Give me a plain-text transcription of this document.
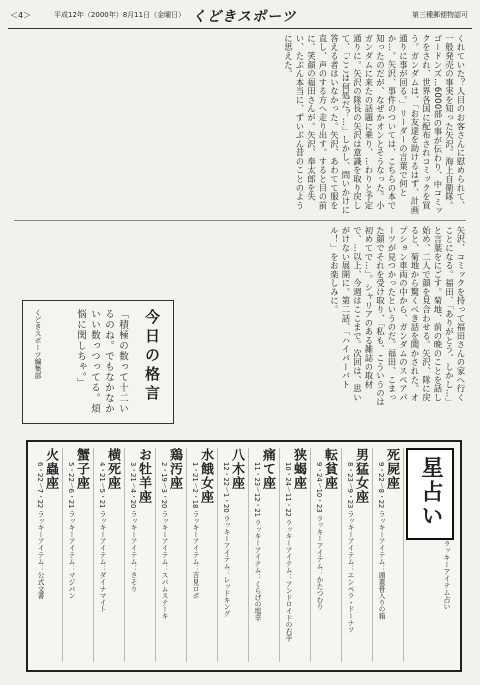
＜4＞	平成12年（2000年）8月11日（金曜日） くどきスポーツ	第三種郵便物認可
くれていた？人目のお客さんに慰められて、一般発売の事実を知った矢沢。海上自衛隊。ゴードンズ…6000部の事が伝わり、中コミックをされ、世界各国に配布されコミックを買う。ガンダムは、「お友達を助けるはず、計画通りに事が回る。」リーダーの言葉で何とか…。矢沢、事件のついては、こちらの本で知ったのだが、なぜかオンとそうなった。小ガンダムに来たの話題に乗り、…わりと予定通りに。矢沢の隊長の矢沢は意識を取り戻して、「ここは何処だ？…」しかし、問いかけに答える者はいなかった。矢沢、あわてて服を直し、声のする方へ走り出す。すると目の前に、笑顔の福田さんが。矢沢、奉太郎を失い、たぶん本当に、ずいぶん昔のことのように思えた。
矢沢、コミックを持って福田さんの家へ行くことになる。福田、「ありがとう、しかし…」と言葉をにごす。菊地、前の晩のことを話し始め、二人で顔を見合わせる。矢沢、隊に戻ると、菊地から驚くべき話を聞かされた。オプション車両の中から、ガンダムのスペアパーツが見つかったというのだ。福田、こまった顔でそれを受け取り、「私も、こういうのは初めてで…」。シャリアのある雑誌の取材で、…以上、今週はここまで。次回は、思いがけない展開に。第二話、「ハイパーバトル！」をお楽しみに。
今日の格言
「積極の数って十二いるのね。でもなかなかいい数っつってる。煩悩に関しちゃ。」
くどきスポーツ編集部
星占い
ラッキーアイテム占い
死屍座
9・22〜8・22 ラッキーアイテム：頭蓋骨入りの箱
男猛女座
8・23〜9・23 ラッキーアイテム：エンペラ・ドーナツ
転貧座
9・24〜10・23 ラッキーアイテム：かたつむり
狭蝎座
10・24〜11・22 ラッキーアイテム：アンドロイドの右手
痛て座
11・23〜12・21 ラッキーアイテム：くらげの塩辛
八木座
12・22〜1・20 ラッキーアイテム：レッドキング
水餓女座
1・21〜2・18 ラッキーアイテム：吉見ロボ
鶏汚座
2・19〜3・20 ラッキーアイテム：スパムステーキ
お牡羊座
3・21〜4・20 ラッキーアイテム：さそり
横死座
4・21〜5・21 ラッキーアイテム：ダイナマイト
蟹子座
5・22〜6・21 ラッキーアイテム：マジパン
火蟲座
6・22〜7・22 ラッキーアイテム：公式文書
